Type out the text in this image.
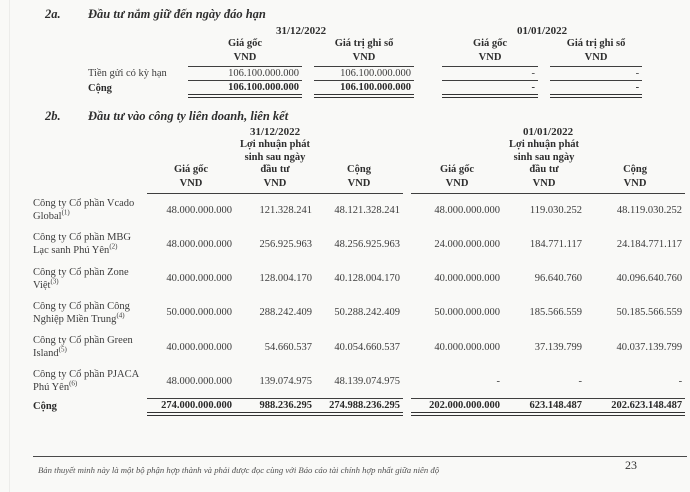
2a.	Đầu tư nắm giữ đến ngày đáo hạn
	31/12/2022				01/01/2022		
	Giá gốc		Giá trị ghi sổ		Giá gốc		Giá trị ghi sổ
	VND		VND		VND		VND
Tiền gửi có kỳ hạn	106.100.000.000		106.100.000.000		-		-
Cộng	106.100.000.000		106.100.000.000		-		-
2b.	Đầu tư vào công ty liên doanh, liên kết
	31/12/2022				01/01/2022		
	Giá gốc	Lợi nhuận phát sinh sau ngày đầu tư	Cộng		Giá gốc	Lợi nhuận phát sinh sau ngày đầu tư	Cộng
	VND	VND	VND		VND	VND	VND
Công ty Cổ phần Vcado Global$^{(1)}$	48.000.000.000	121.328.241	48.121.328.241		48.000.000.000	119.030.252	48.119.030.252
Công ty Cổ phần MBG Lạc sanh Phú Yên$^{(2)}$	48.000.000.000	256.925.963	48.256.925.963		24.000.000.000	184.771.117	24.184.771.117
Công ty Cổ phần Zone Việt$^{(3)}$	40.000.000.000	128.004.170	40.128.004.170		40.000.000.000	96.640.760	40.096.640.760
Công ty Cổ phần Công Nghiệp Miền Trung$^{(4)}$	50.000.000.000	288.242.409	50.288.242.409		50.000.000.000	185.566.559	50.185.566.559
Công ty Cổ phần Green Island$^{(5)}$	40.000.000.000	54.660.537	40.054.660.537		40.000.000.000	37.139.799	40.037.139.799
Công ty Cổ phần PJACA Phú Yên$^{(6)}$	48.000.000.000	139.074.975	48.139.074.975		-	-	-
Cộng	274.000.000.000	988.236.295	274.988.236.295		202.000.000.000	623.148.487	202.623.148.487
Bản thuyết minh này là một bộ phận hợp thành và phải được đọc cùng với Báo cáo tài chính hợp nhất giữa niên độ	23
